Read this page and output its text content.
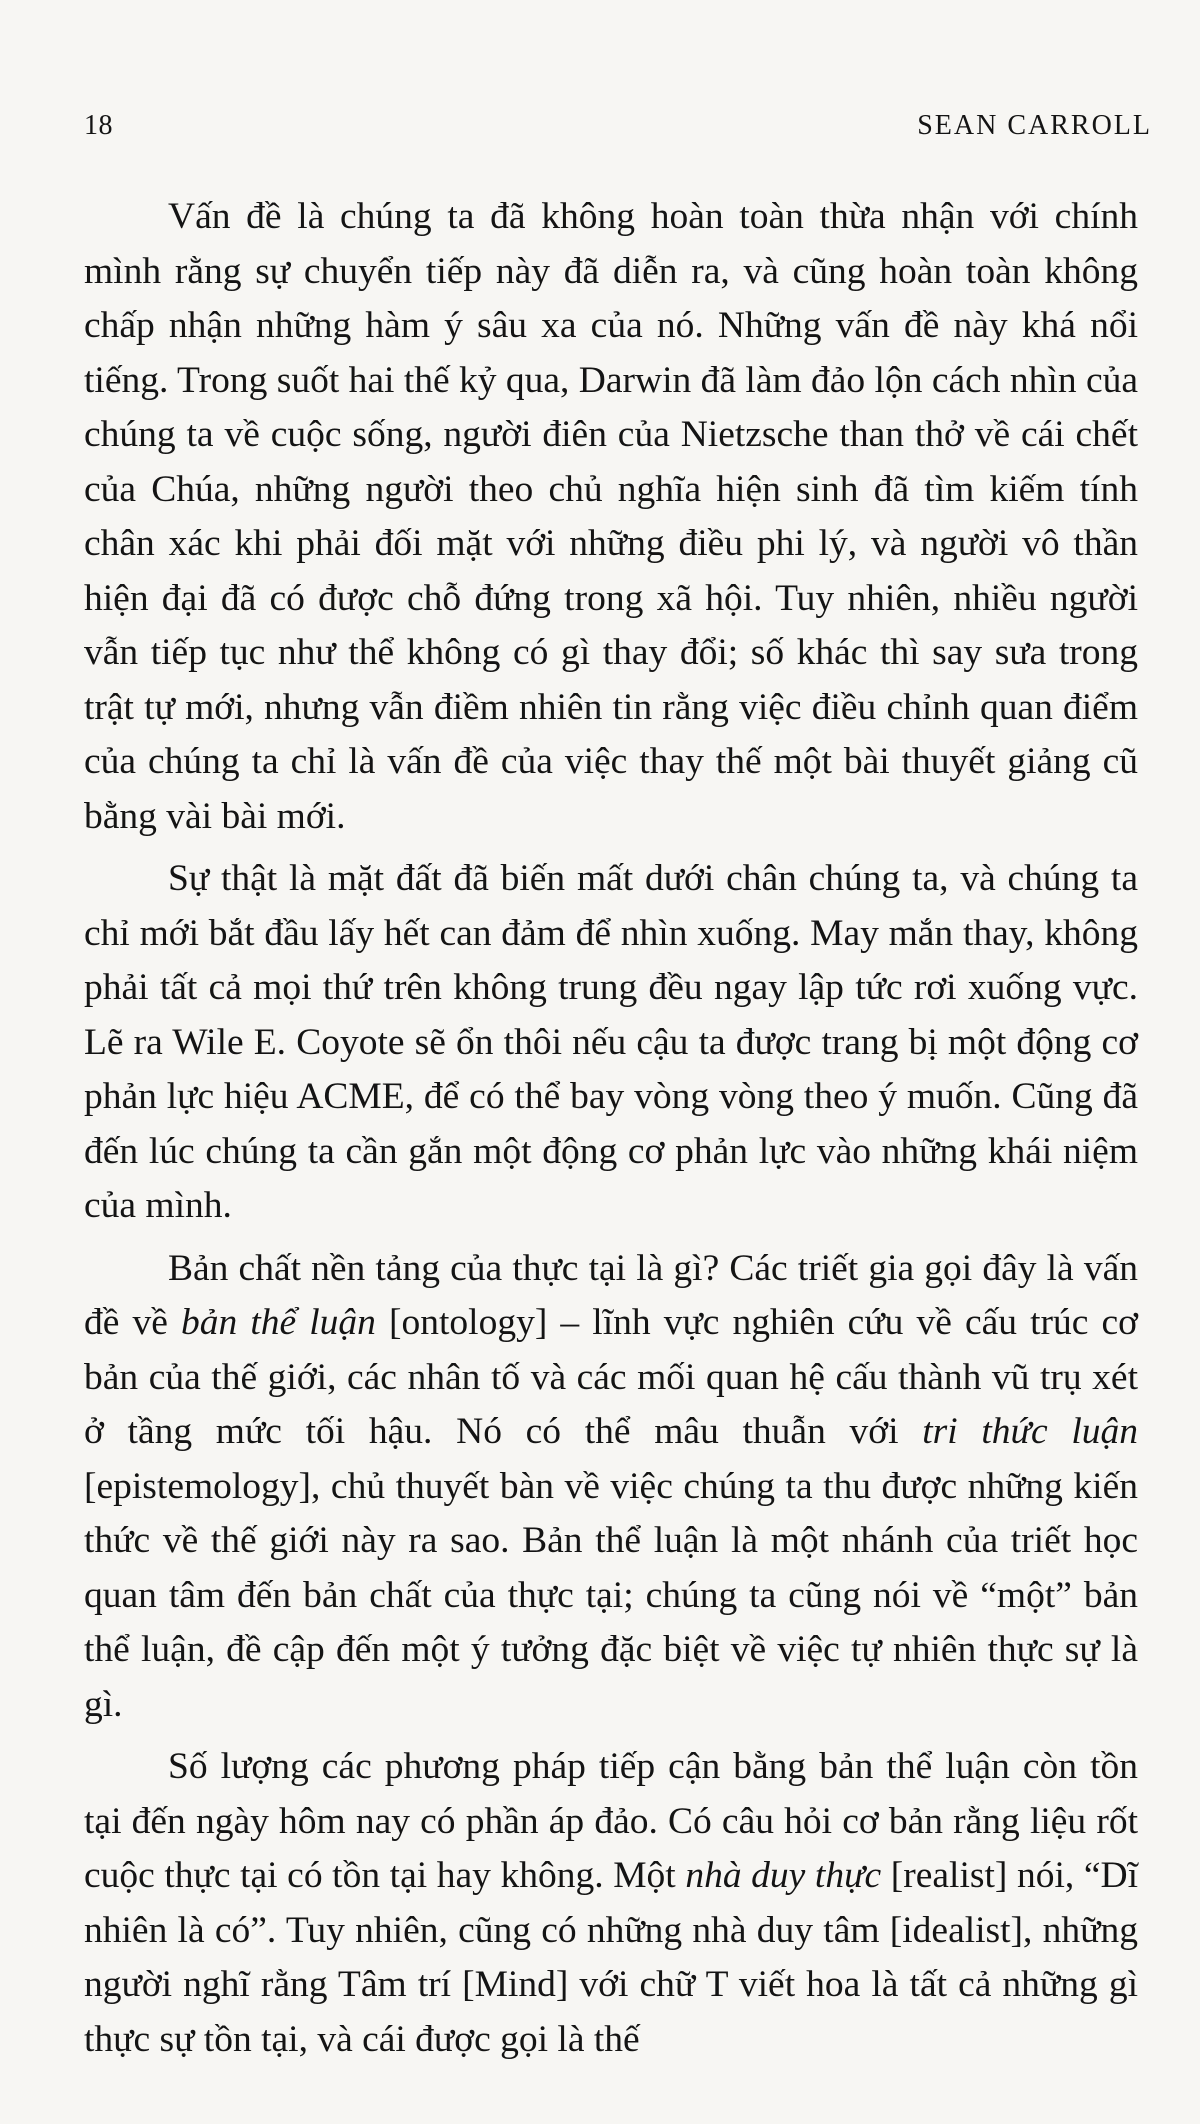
18	SEAN CARROLL

Vấn đề là chúng ta đã không hoàn toàn thừa nhận với chính mình rằng sự chuyển tiếp này đã diễn ra, và cũng hoàn toàn không chấp nhận những hàm ý sâu xa của nó. Những vấn đề này khá nổi tiếng. Trong suốt hai thế kỷ qua, Darwin đã làm đảo lộn cách nhìn của chúng ta về cuộc sống, người điên của Nietzsche than thở về cái chết của Chúa, những người theo chủ nghĩa hiện sinh đã tìm kiếm tính chân xác khi phải đối mặt với những điều phi lý, và người vô thần hiện đại đã có được chỗ đứng trong xã hội. Tuy nhiên, nhiều người vẫn tiếp tục như thể không có gì thay đổi; số khác thì say sưa trong trật tự mới, nhưng vẫn điềm nhiên tin rằng việc điều chỉnh quan điểm của chúng ta chỉ là vấn đề của việc thay thế một bài thuyết giảng cũ bằng vài bài mới.

Sự thật là mặt đất đã biến mất dưới chân chúng ta, và chúng ta chỉ mới bắt đầu lấy hết can đảm để nhìn xuống. May mắn thay, không phải tất cả mọi thứ trên không trung đều ngay lập tức rơi xuống vực. Lẽ ra Wile E. Coyote sẽ ổn thôi nếu cậu ta được trang bị một động cơ phản lực hiệu ACME, để có thể bay vòng vòng theo ý muốn. Cũng đã đến lúc chúng ta cần gắn một động cơ phản lực vào những khái niệm của mình.

Bản chất nền tảng của thực tại là gì? Các triết gia gọi đây là vấn đề về bản thể luận [ontology] – lĩnh vực nghiên cứu về cấu trúc cơ bản của thế giới, các nhân tố và các mối quan hệ cấu thành vũ trụ xét ở tầng mức tối hậu. Nó có thể mâu thuẫn với tri thức luận [epistemology], chủ thuyết bàn về việc chúng ta thu được những kiến thức về thế giới này ra sao. Bản thể luận là một nhánh của triết học quan tâm đến bản chất của thực tại; chúng ta cũng nói về “một” bản thể luận, đề cập đến một ý tưởng đặc biệt về việc tự nhiên thực sự là gì.

Số lượng các phương pháp tiếp cận bằng bản thể luận còn tồn tại đến ngày hôm nay có phần áp đảo. Có câu hỏi cơ bản rằng liệu rốt cuộc thực tại có tồn tại hay không. Một nhà duy thực [realist] nói, “Dĩ nhiên là có”. Tuy nhiên, cũng có những nhà duy tâm [idealist], những người nghĩ rằng Tâm trí [Mind] với chữ T viết hoa là tất cả những gì thực sự tồn tại, và cái được gọi là thế
